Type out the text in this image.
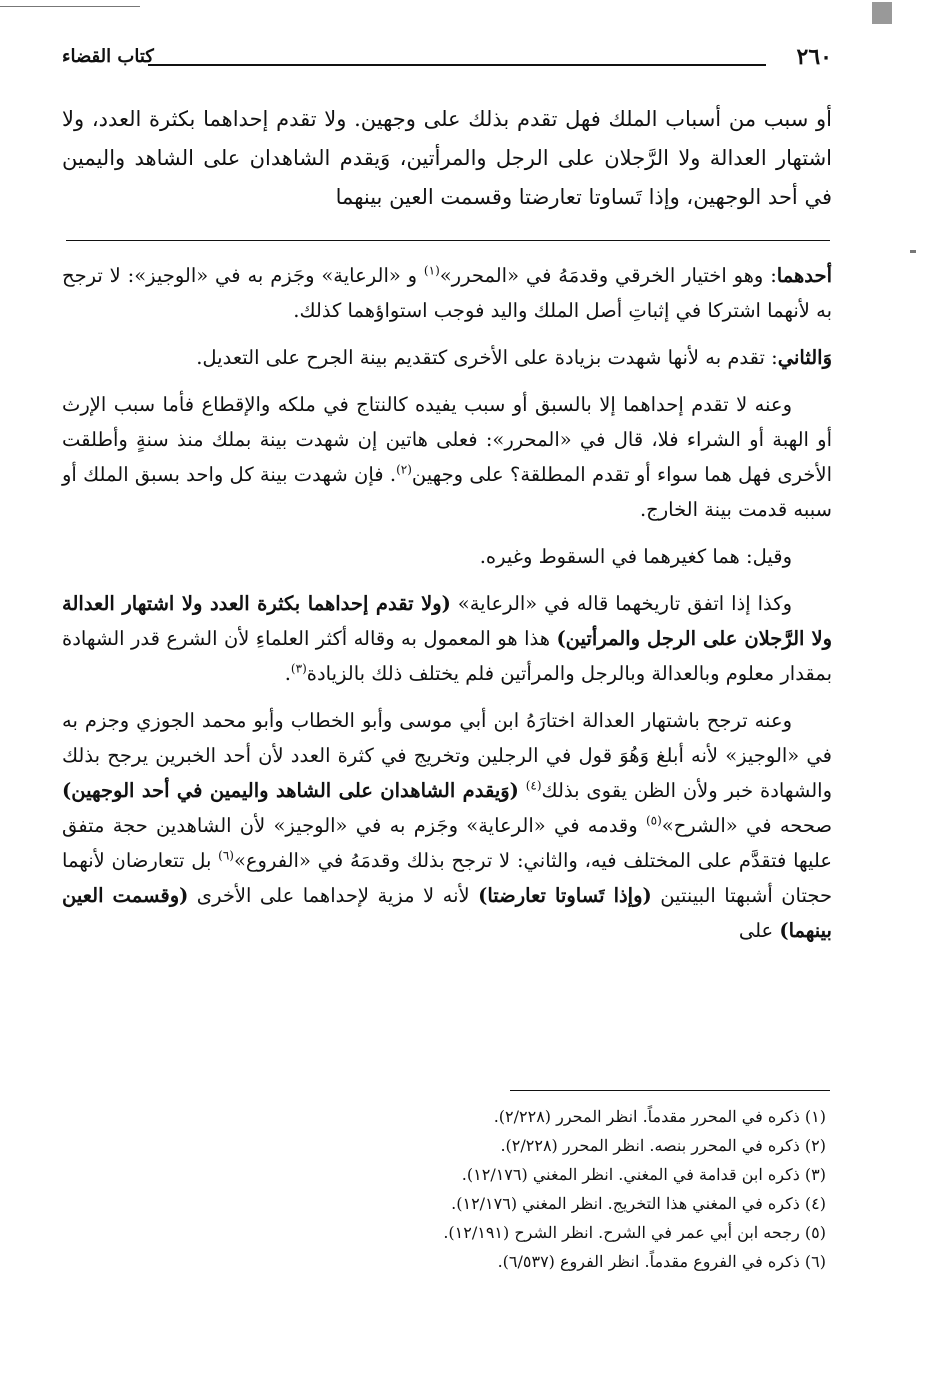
٢٦٠
كتاب القضاء

أو سبب من أسباب الملك فهل تقدم بذلك على وجهين. ولا تقدم إحداهما بكثرة العدد، ولا اشتهار العدالة ولا الرَّجلان على الرجل والمرأتين، وَيقدم الشاهدان على الشاهد واليمين في أحد الوجهين، وإذا تَساوتا تعارضتا وقسمت العين بينهما

أحدهما: وهو اختيار الخرقي وقدمَهُ في «المحرر»$^{(١)}$ و «الرعاية» وجَزم به في «الوجيز»: لا ترجح به لأنهما اشتركا في إثباتِ أصل الملك واليد فوجب استواؤهما كذلك.

وَالثاني: تقدم به لأنها شهدت بزيادة على الأخرى كتقديم بينة الجرح على التعديل.

وعنه لا تقدم إحداهما إلا بالسبق أو سبب يفيده كالنتاج في ملكه والإقطاع فأما سبب الإرث أو الهبة أو الشراء فلا، قال في «المحرر»: فعلى هاتين إن شهدت بينة بملك منذ سنةٍ وأطلقت الأخرى فهل هما سواء أو تقدم المطلقة؟ على وجهين$^{(٢)}$. فإن شهدت بينة كل واحد بسبق الملك أو سببه قدمت بينة الخارج.

وقيل: هما كغيرهما في السقوط وغيره.

وكذا إذا اتفق تاريخهما قاله في «الرعاية» (ولا تقدم إحداهما بكثرة العدد ولا اشتهار العدالة ولا الرَّجلان على الرجل والمرأتين) هذا هو المعمول به وقاله أكثر العلماءِ لأن الشرع قدر الشهادة بمقدار معلوم وبالعدالة وبالرجل والمرأتين فلم يختلف ذلك بالزيادة$^{(٣)}$.

وعنه ترجح باشتهار العدالة اختارَهُ ابن أبي موسى وأبو الخطاب وأبو محمد الجوزي وجزم به في «الوجيز» لأنه أبلغ وَهُوَ قول في الرجلين وتخريج في كثرة العدد لأن أحد الخبرين يرجح بذلك والشهادة خبر ولأن الظن يقوى بذلك$^{(٤)}$ (وَيقدم الشاهدان على الشاهد واليمين في أحد الوجهين) صححه في «الشرح»$^{(٥)}$ وقدمه في «الرعاية» وجَزم به في «الوجيز» لأن الشاهدين حجة متفق عليها فتقدَّم على المختلف فيه، والثاني: لا ترجح بذلك وقدمَهُ في «الفروع»$^{(٦)}$ بل تتعارضان لأنهما حجتان أشبهتا البينتين (وإذا تَساوتا تعارضتا) لأنه لا مزية لإحداهما على الأخرى (وقسمت العين بينهما) على

(١) ذكره في المحرر مقدماً. انظر المحرر (٢/٢٢٨).
(٢) ذكره في المحرر بنصه. انظر المحرر (٢/٢٢٨).
(٣) ذكره ابن قدامة في المغني. انظر المغني (١٢/١٧٦).
(٤) ذكره في المغني هذا التخريج. انظر المغني (١٢/١٧٦).
(٥) رجحه ابن أبي عمر في الشرح. انظر الشرح (١٢/١٩١).
(٦) ذكره في الفروع مقدماً. انظر الفروع (٦/٥٣٧).
